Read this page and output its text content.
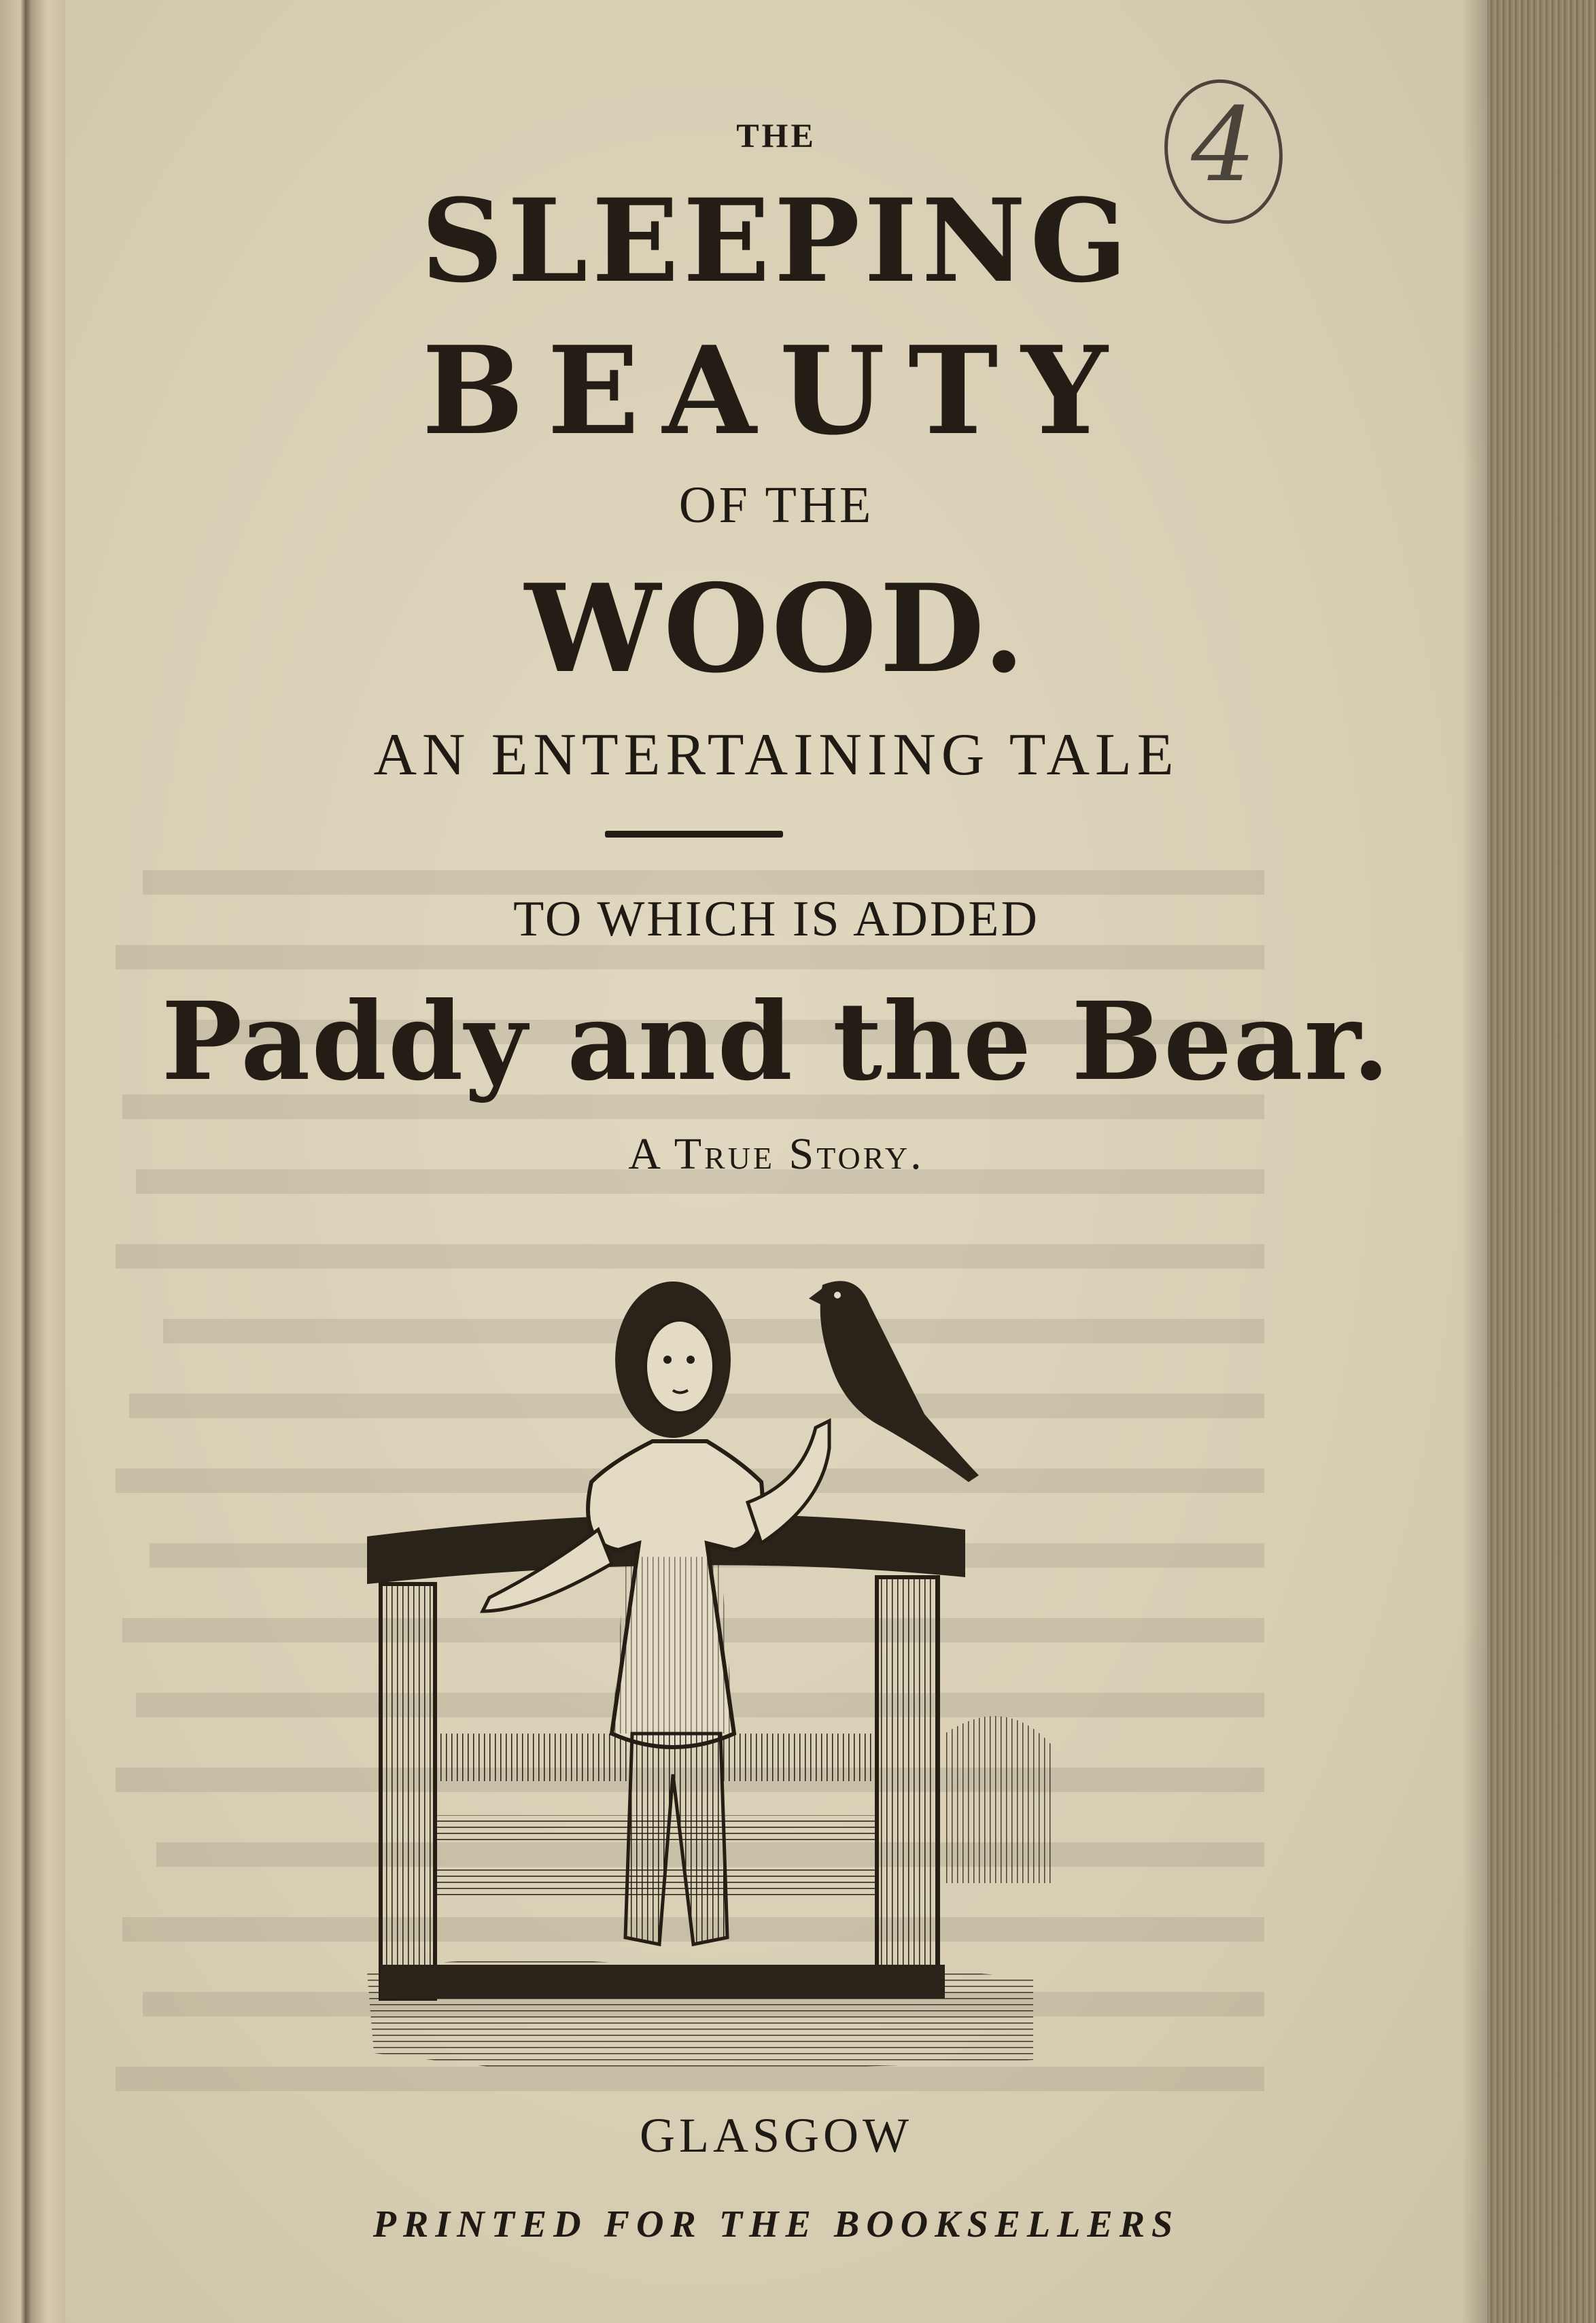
THE
SLEEPING
BEAUTY
OF THE
WOOD.
AN ENTERTAINING TALE
TO WHICH IS ADDED
Paddy and the Bear.
A True Story.
4
GLASGOW
PRINTED FOR THE BOOKSELLERS
